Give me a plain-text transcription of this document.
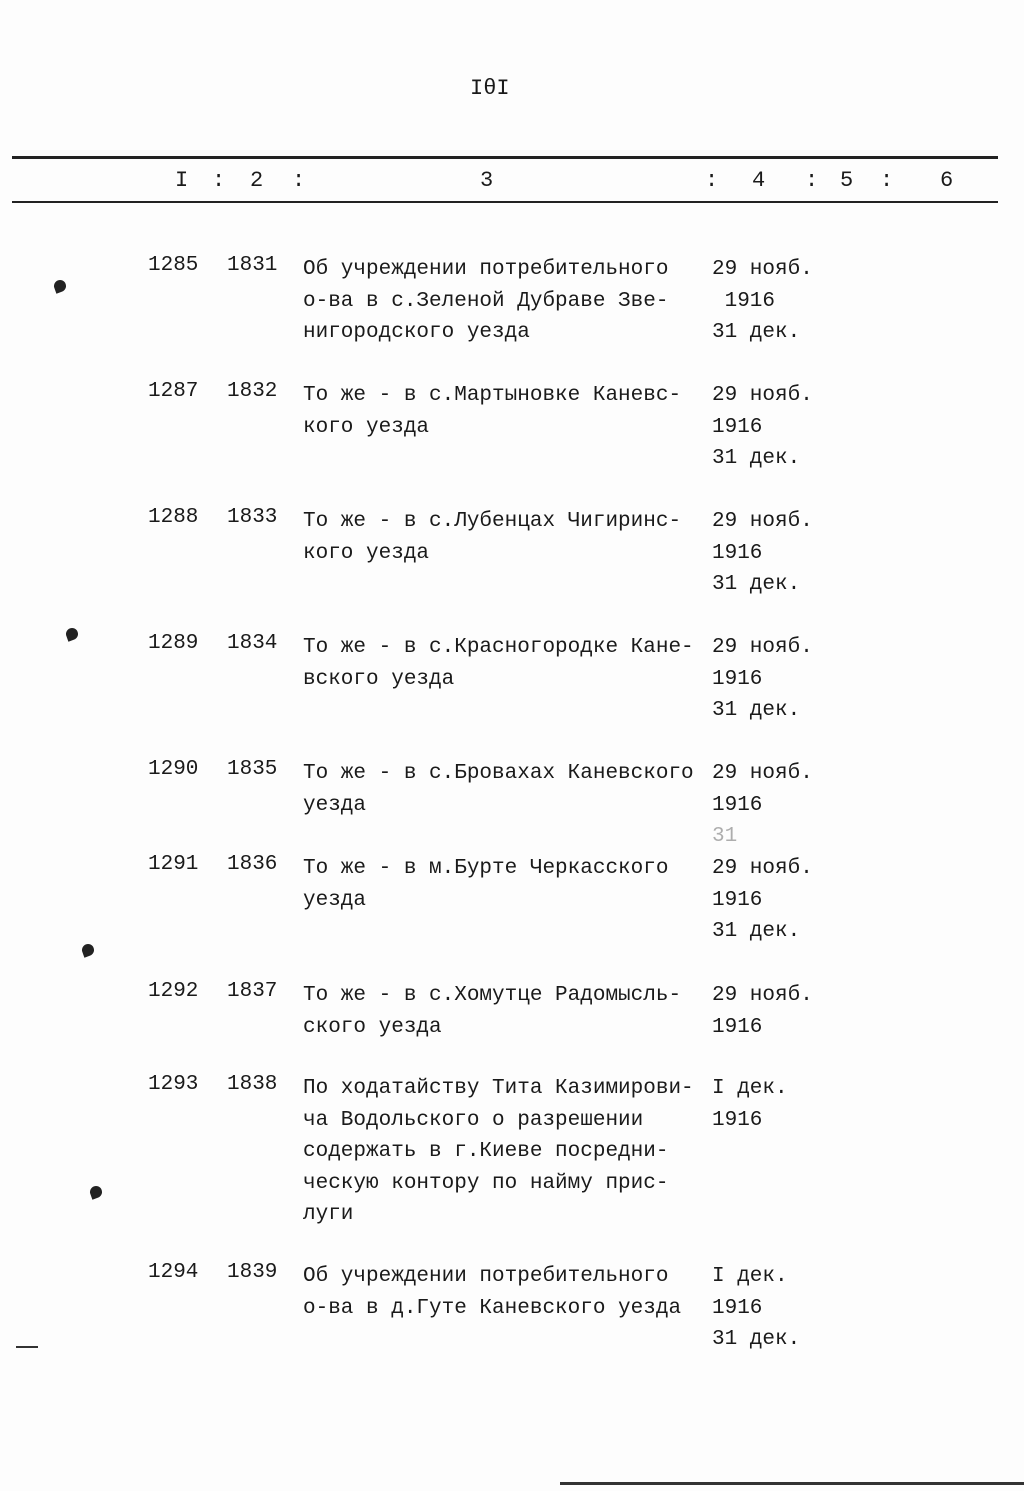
IθI
I : 2 :	3	: 4 : 5 : 6
1285 1831 Об учреждении потребительного
о-ва в с.Зеленой Дубраве Зве-
нигородского уезда
29 нояб.
1916
31 дек.
1287 1832 То же - в с.Мартыновке Каневс-
кого уезда
29 нояб.
1916
31 дек.
1288 1833 То же - в с.Лубенцах Чигиринс-
кого уезда
29 нояб.
1916
31 дек.
1289 1834 То же - в с.Красногородке Кане-
вского уезда
29 нояб.
1916
31 дек.
1290 1835 То же - в с.Бровахах Каневского
уезда
29 нояб.
1916
31
1291 1836 То же - в м.Бурте Черкасского
уезда
29 нояб.
1916
31 дек.
1292 1837 То же - в с.Хомутце Радомысль-
ского уезда
29 нояб.
1916
1293 1838 По ходатайству Тита Казимирови-
ча Водольского о разрешении
содержать в г.Киеве посредни-
ческую контору по найму прис-
луги
I дек.
1916
1294 1839 Об учреждении потребительного
о-ва в д.Гуте Каневского уезда
I дек.
1916
31 дек.
